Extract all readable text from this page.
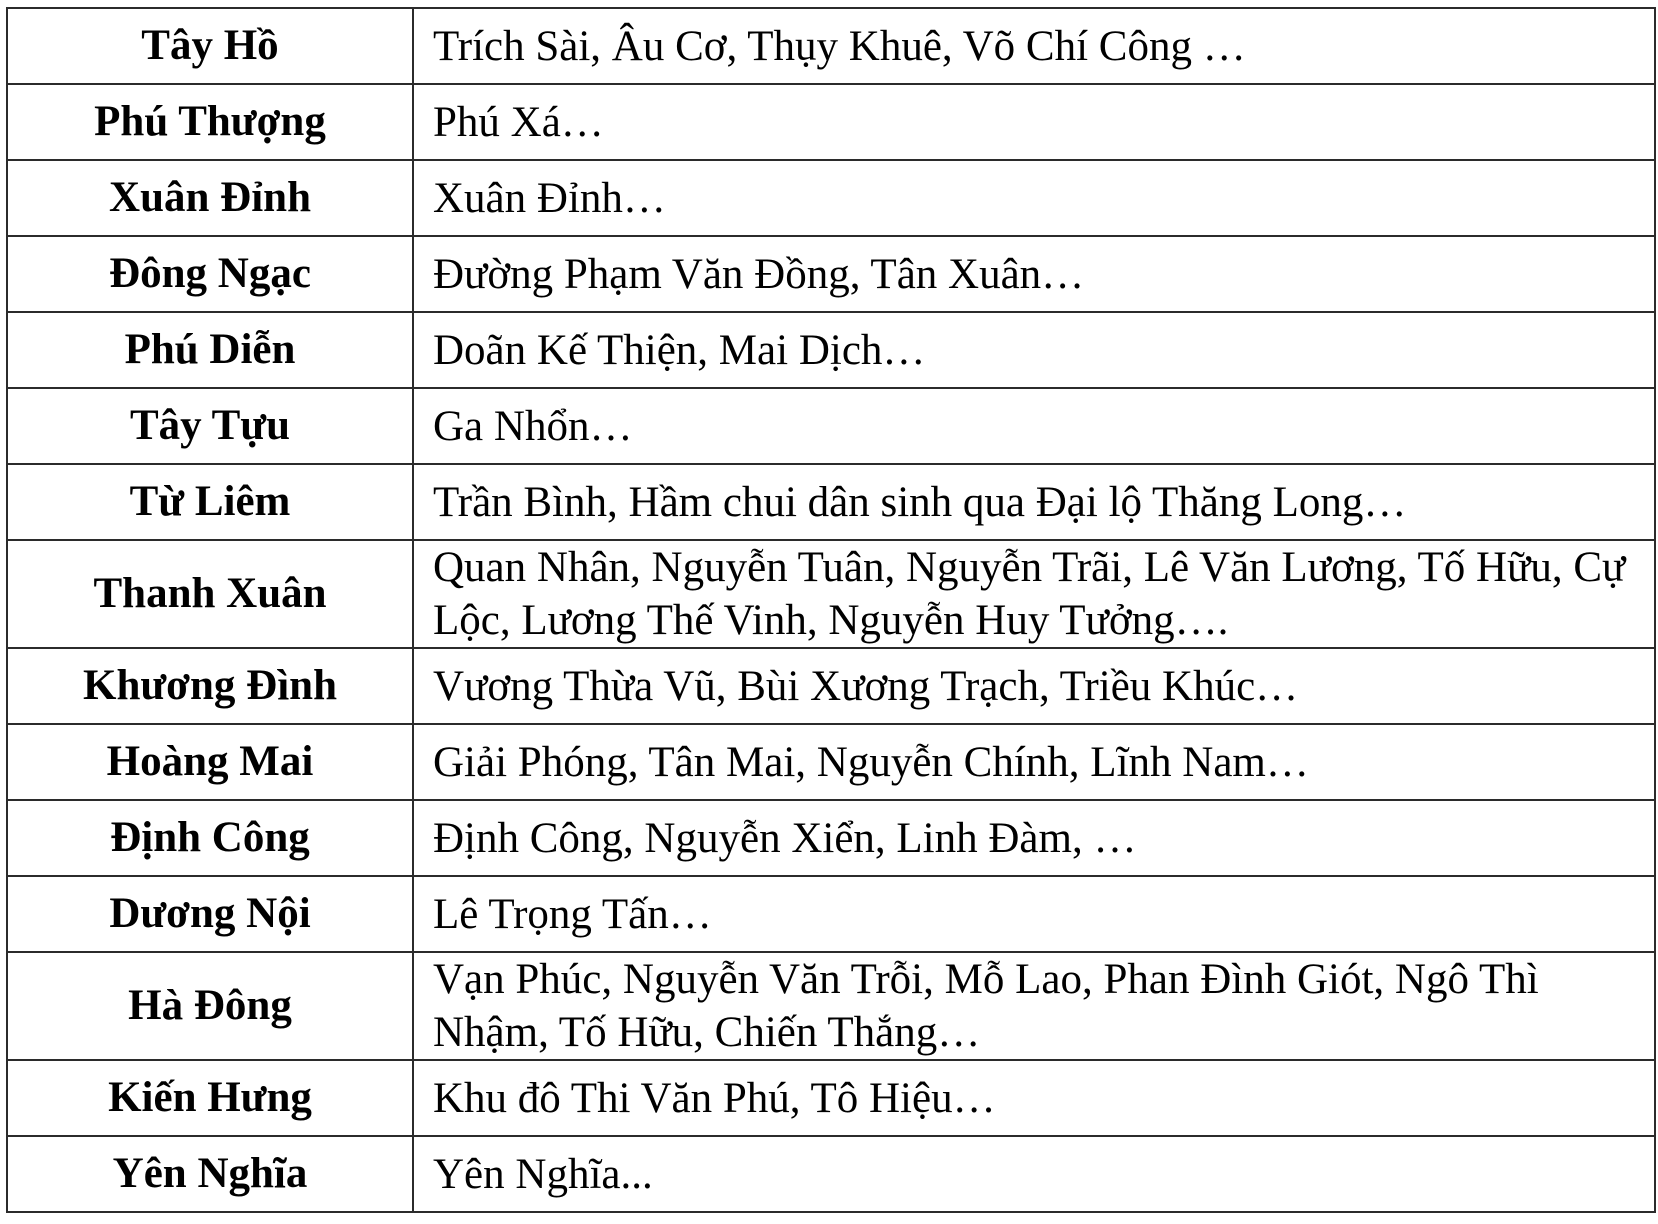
Tây Hồ	Trích Sài, Âu Cơ, Thụy Khuê, Võ Chí Công …
Phú Thượng	Phú Xá…
Xuân Đỉnh	Xuân Đỉnh…
Đông Ngạc	Đường Phạm Văn Đồng, Tân Xuân…
Phú Diễn	Doãn Kế Thiện, Mai Dịch…
Tây Tựu	Ga Nhổn…
Từ Liêm	Trần Bình, Hầm chui dân sinh qua Đại lộ Thăng Long…
Thanh Xuân	Quan Nhân, Nguyễn Tuân, Nguyễn Trãi, Lê Văn Lương, Tố Hữu, Cự Lộc, Lương Thế Vinh, Nguyễn Huy Tưởng….
Khương Đình	Vương Thừa Vũ, Bùi Xương Trạch, Triều Khúc…
Hoàng Mai	Giải Phóng, Tân Mai, Nguyễn Chính, Lĩnh Nam…
Định Công	Định Công, Nguyễn Xiển, Linh Đàm, …
Dương Nội	Lê Trọng Tấn…
Hà Đông	Vạn Phúc, Nguyễn Văn Trỗi, Mỗ Lao, Phan Đình Giót, Ngô Thì Nhậm, Tố Hữu, Chiến Thắng…
Kiến Hưng	Khu đô Thi Văn Phú, Tô Hiệu…
Yên Nghĩa	Yên Nghĩa...
